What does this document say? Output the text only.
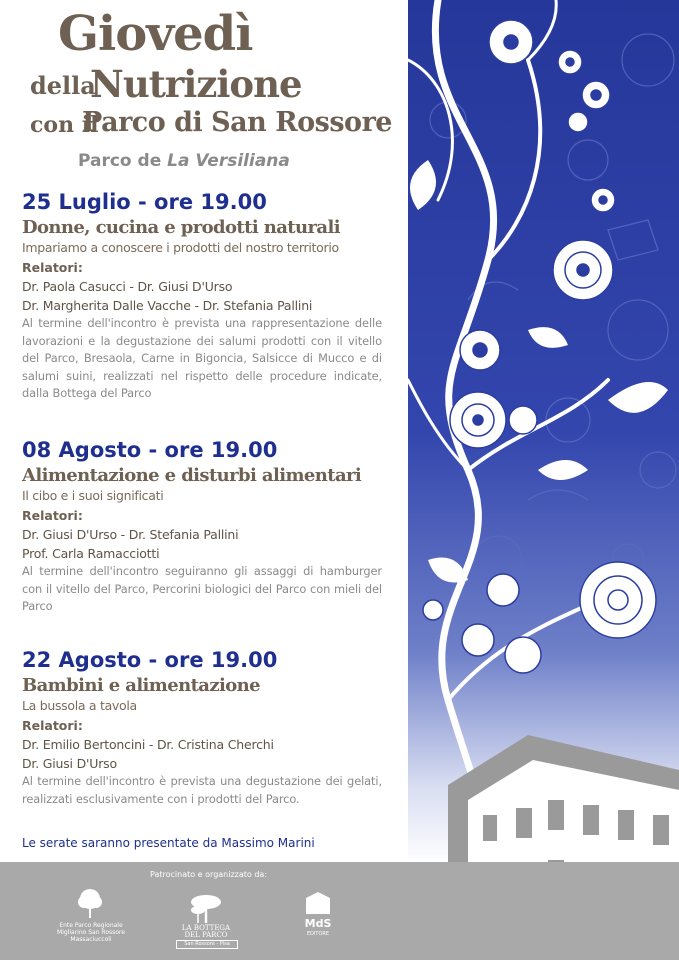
Patrocinato e organizzato da:
Ente Parco Regionale Migliarino San Rossore Massaciuccoli
LA BOTTEGA
DEL PARCO
San Rossore - Pisa
MdS
EDITORE
Giovedì
della
Nutrizione
con il
Parco di San Rossore
Parco de La Versiliana
25 Luglio - ore 19.00
Donne, cucina e prodotti naturali
Impariamo a conoscere i prodotti del nostro territorio
Relatori:
Dr. Paola Casucci - Dr. Giusi D'Urso
Dr. Margherita Dalle Vacche - Dr. Stefania Pallini
Al termine dell'incontro è prevista una rappresentazione delle lavorazioni e la degustazione dei salumi prodotti con il vitello del Parco, Bresaola, Carne in Bigoncia, Salsicce di Mucco e di salumi suini, realizzati nel rispetto delle procedure indicate, dalla Bottega del Parco
08 Agosto - ore 19.00
Alimentazione e disturbi alimentari
Il cibo e i suoi significati
Relatori:
Dr. Giusi D'Urso - Dr. Stefania Pallini
Prof. Carla Ramacciotti
Al termine dell'incontro seguiranno gli assaggi di hamburger con il vitello del Parco, Percorini biologici del Parco con mieli del Parco
22 Agosto - ore 19.00
Bambini e alimentazione
La bussola a tavola
Relatori:
Dr. Emilio Bertoncini - Dr. Cristina Cherchi
Dr. Giusi D'Urso
Al termine dell'incontro è prevista una degustazione dei gelati, realizzati esclusivamente con i prodotti del Parco.
Le serate saranno presentate da Massimo Marini
